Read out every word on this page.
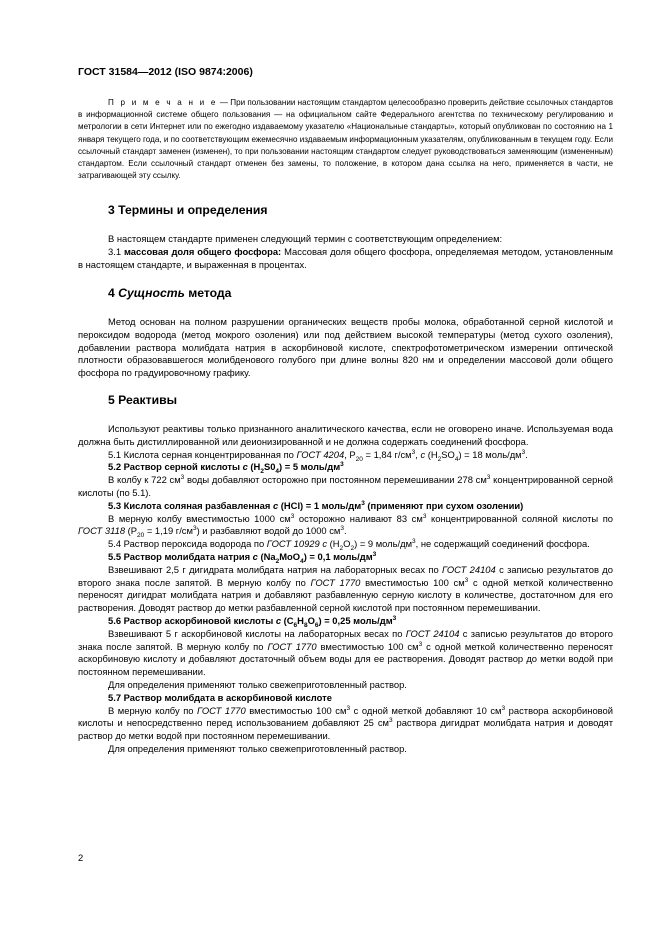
ГОСТ 31584—2012 (ISO 9874:2006)

П р и м е ч а н и е — При пользовании настоящим стандартом целесообразно проверить действие ссылочных стандартов в информационной системе общего пользования — на официальном сайте Федерального агентства по техническому регулированию и метрологии в сети Интернет или по ежегодно издаваемому указателю «Национальные стандарты», который опубликован по состоянию на 1 января текущего года, и по соответствующим ежемесячно издаваемым информационным указателям, опубликованным в текущем году. Если ссылочный стандарт заменен (изменен), то при пользовании настоящим стандартом следует руководствоваться заменяющим (измененным) стандартом. Если ссылочный стандарт отменен без замены, то положение, в котором дана ссылка на него, применяется в части, не затрагивающей эту ссылку.

3 Термины и определения

В настоящем стандарте применен следующий термин с соответствующим определением:

3.1 массовая доля общего фосфора: Массовая доля общего фосфора, определяемая методом, установленным в настоящем стандарте, и выраженная в процентах.

4 Сущность метода

Метод основан на полном разрушении органических веществ пробы молока, обработанной серной кислотой и пероксидом водорода (метод мокрого озоления) или под действием высокой температуры (метод сухого озоления), добавлении раствора молибдата натрия в аскорбиновой кислоте, спектрофотометрическом измерении оптической плотности образовавшегося молибденового голубого при длине волны 820 нм и определении массовой доли общего фосфора по градуировочному графику.

5 Реактивы

Используют реактивы только признанного аналитического качества, если не оговорено иначе. Используемая вода должна быть дистиллированной или деионизированной и не должна содержать соединений фосфора.

5.1 Кислота серная концентрированная по ГОСТ 4204, $Р_{20} = 1,84$ $г/см^3$, c $(Н_2SO_4) = 18$ моль/$дм^3$.

5.2 Раствор серной кислоты c $(Н_2S0_4) = 5$ моль/$дм^3$

В колбу к 722 $см^3$ воды добавляют осторожно при постоянном перемешивании 278 $см^3$ концентрированной серной кислоты (по 5.1).

5.3 Кислота соляная разбавленная c (HCl) = 1 моль/$дм^3$ (применяют при сухом озолении)

В мерную колбу вместимостью 1000 $см^3$ осторожно наливают 83 $см^3$ концентрированной соляной кислоты по ГОСТ 3118 ($Р_{20} = 1,19$ $г/см^3$) и разбавляют водой до 1000 $см^3$.

5.4 Раствор пероксида водорода по ГОСТ 10929 c $(H_2O_2) = 9$ моль/$дм^3$, не содержащий соединений фосфора.

5.5 Раствор молибдата натрия c $(Na_2MoO_4) = 0,1$ моль/$дм^3$

Взвешивают 2,5 г дигидрата молибдата натрия на лабораторных весах по ГОСТ 24104 с записью результатов до второго знака после запятой. В мерную колбу по ГОСТ 1770 вместимостью 100 $см^3$ с одной меткой количественно переносят дигидрат молибдата натрия и добавляют разбавленную серную кислоту в количестве, достаточном для его растворения. Доводят раствор до метки разбавленной серной кислотой при постоянном перемешивании.

5.6 Раствор аскорбиновой кислоты c $(С_6Н_8О_6) = 0,25$ моль/$дм^3$

Взвешивают 5 г аскорбиновой кислоты на лабораторных весах по ГОСТ 24104 с записью результатов до второго знака после запятой. В мерную колбу по ГОСТ 1770 вместимостью 100 $см^3$ с одной меткой количественно переносят аскорбиновую кислоту и добавляют достаточный объем воды для ее растворения. Доводят раствор до метки водой при постоянном перемешивании.

Для определения применяют только свежеприготовленный раствор.

5.7 Раствор молибдата в аскорбиновой кислоте

В мерную колбу по ГОСТ 1770 вместимостью 100 $см^3$ с одной меткой добавляют 10 $см^3$ раствора аскорбиновой кислоты и непосредственно перед использованием добавляют 25 $см^3$ раствора дигидрат молибдата натрия и доводят раствор до метки водой при постоянном перемешивании.

Для определения применяют только свежеприготовленный раствор.

2
